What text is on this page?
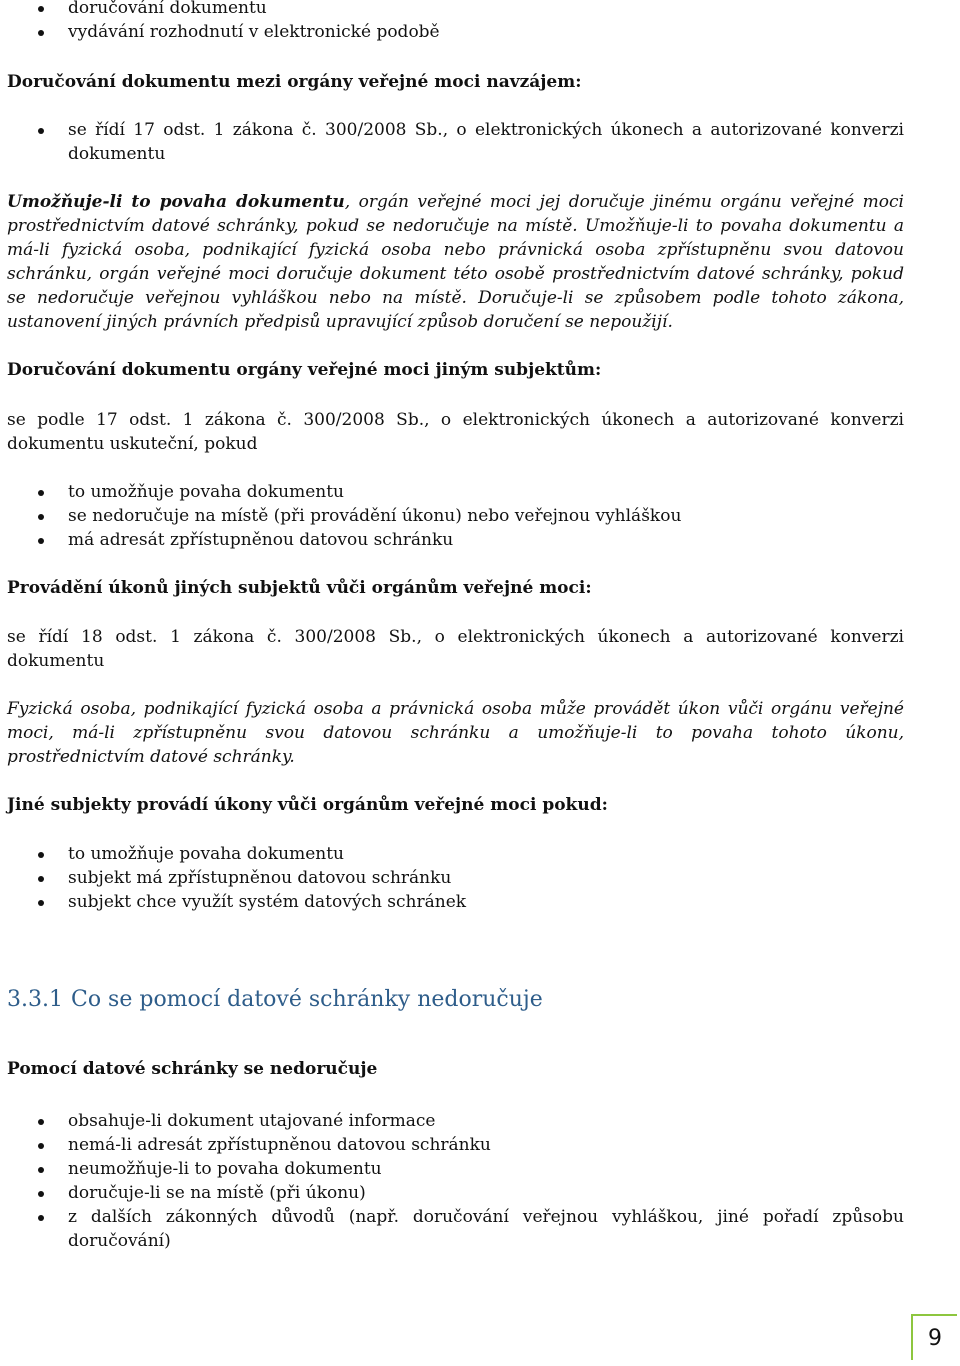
doručování dokumentu
vydávání rozhodnutí v elektronické podobě
Doručování dokumentu mezi orgány veřejné moci navzájem:
se řídí 17 odst. 1 zákona č. 300/2008 Sb., o elektronických úkonech a autorizované konverzi dokumentu
Umožňuje-li to povaha dokumentu, orgán veřejné moci jej doručuje jinému orgánu veřejné moci prostřednictvím datové schránky, pokud se nedoručuje na místě. Umožňuje-li to povaha dokumentu a má-li fyzická osoba, podnikající fyzická osoba nebo právnická osoba zpřístupněnu svou datovou schránku, orgán veřejné moci doručuje dokument této osobě prostřednictvím datové schránky, pokud se nedoručuje veřejnou vyhláškou nebo na místě. Doručuje-li se způsobem podle tohoto zákona, ustanovení jiných právních předpisů upravující způsob doručení se nepoužijí.
Doručování dokumentu orgány veřejné moci jiným subjektům:
se podle 17 odst. 1 zákona č. 300/2008 Sb., o elektronických úkonech a autorizované konverzi dokumentu uskuteční, pokud
to umožňuje povaha dokumentu
se nedoručuje na místě (při provádění úkonu) nebo veřejnou vyhláškou
má adresát zpřístupněnou datovou schránku
Provádění úkonů jiných subjektů vůči orgánům veřejné moci:
se řídí 18 odst. 1 zákona č. 300/2008 Sb., o elektronických úkonech a autorizované konverzi dokumentu
Fyzická osoba, podnikající fyzická osoba a právnická osoba může provádět úkon vůči orgánu veřejné moci, má-li zpřístupněnu svou datovou schránku a umožňuje-li to povaha tohoto úkonu, prostřednictvím datové schránky.
Jiné subjekty provádí úkony vůči orgánům veřejné moci pokud:
to umožňuje povaha dokumentu
subjekt má zpřístupněnou datovou schránku
subjekt chce využít systém datových schránek
3.3.1 Co se pomocí datové schránky nedoručuje
Pomocí datové schránky se nedoručuje
obsahuje-li dokument utajované informace
nemá-li adresát zpřístupněnou datovou schránku
neumožňuje-li to povaha dokumentu
doručuje-li se na místě (při úkonu)
z dalších zákonných důvodů (např. doručování veřejnou vyhláškou, jiné pořadí způsobu doručování)
9
